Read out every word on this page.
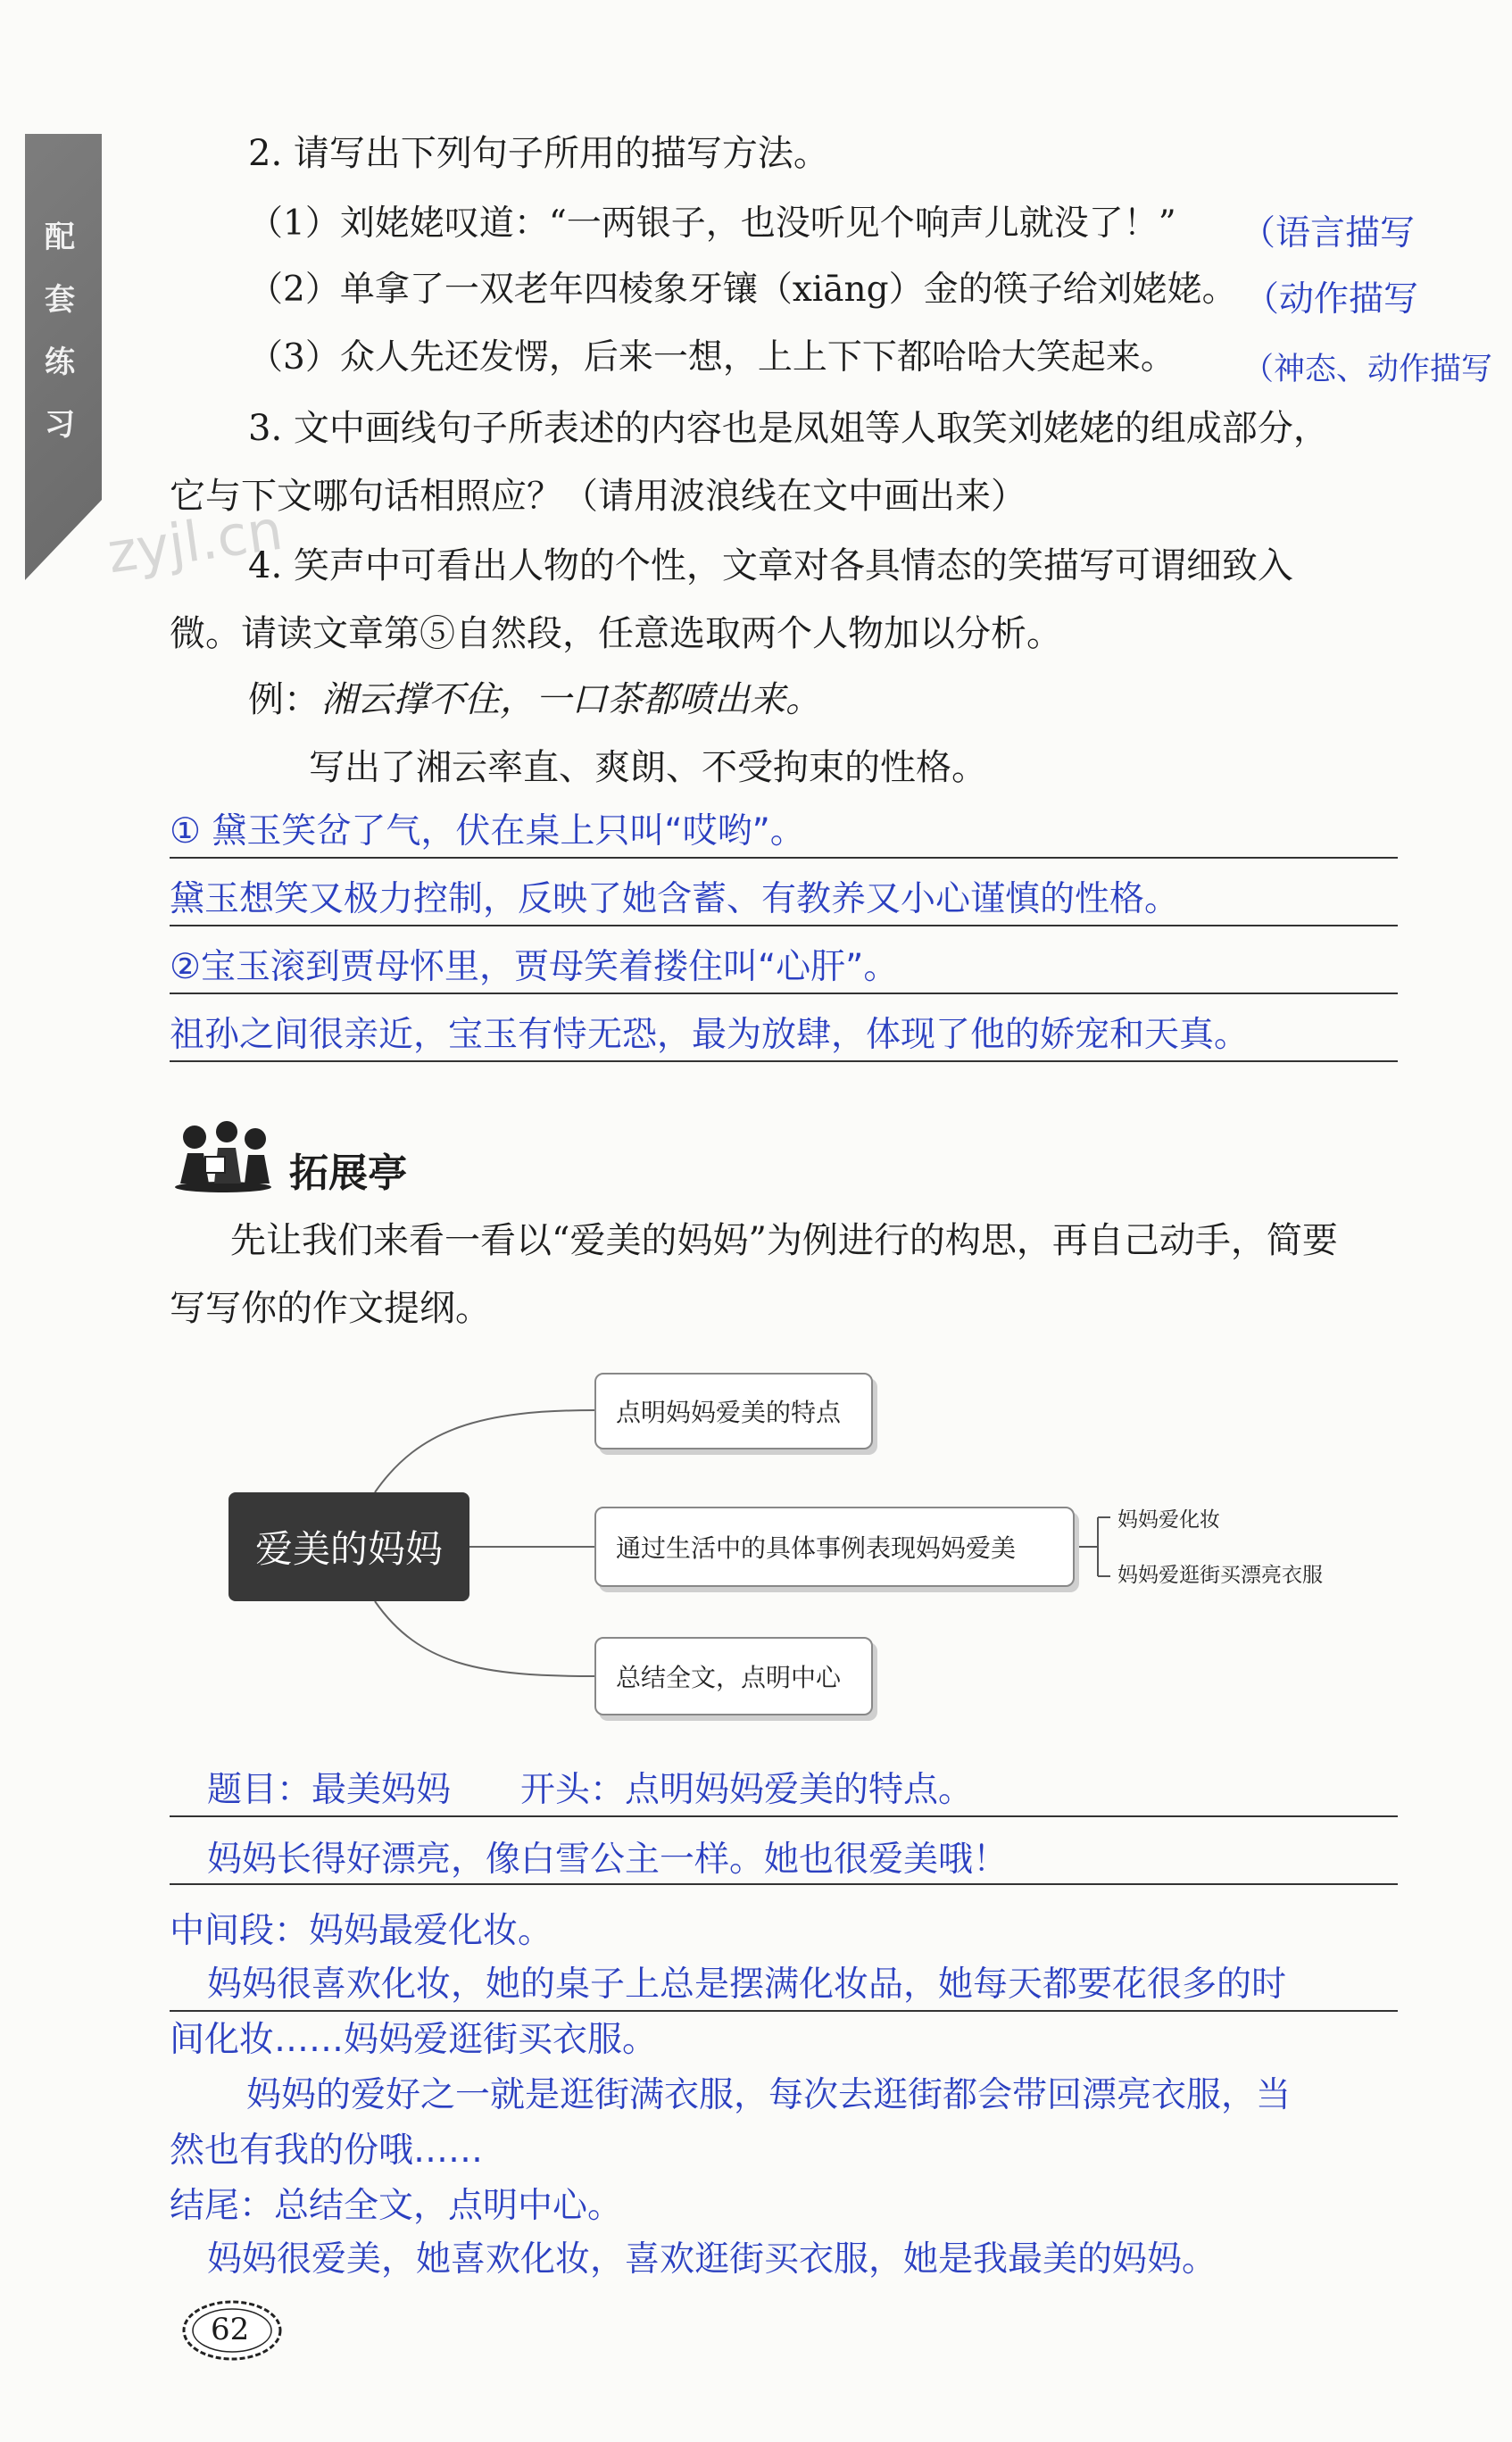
配
套
练
习
zyjl.cn
2. 请写出下列句子所用的描写方法。
（1）刘姥姥叹道：“一两银子，也没听见个响声儿就没了！” （语言描写
（2）单拿了一双老年四棱象牙镶（xiāng）金的筷子给刘姥姥。 （动作描写
（3）众人先还发愣，后来一想，上上下下都哈哈大笑起来。 （神态、动作描写
3. 文中画线句子所表述的内容也是凤姐等人取笑刘姥姥的组成部分，
它与下文哪句话相照应？（请用波浪线在文中画出来）
4. 笑声中可看出人物的个性，文章对各具情态的笑描写可谓细致入
微。请读文章第⑤自然段，任意选取两个人物加以分析。
例： 湘云撑不住，一口茶都喷出来。
写出了湘云率直、爽朗、不受拘束的性格。
① 黛玉笑岔了气，伏在桌上只叫“哎哟”。
黛玉想笑又极力控制，反映了她含蓄、有教养又小心谨慎的性格。
②宝玉滚到贾母怀里，贾母笑着搂住叫“心肝”。
祖孙之间很亲近，宝玉有恃无恐，最为放肆，体现了他的娇宠和天真。
拓展亭
先让我们来看一看以“爱美的妈妈”为例进行的构思，再自己动手，简要
写写你的作文提纲。
爱美的妈妈
点明妈妈爱美的特点
通过生活中的具体事例表现妈妈爱美
总结全文，点明中心
妈妈爱化妆
妈妈爱逛街买漂亮衣服
题目：最美妈妈　　开头：点明妈妈爱美的特点。
妈妈长得好漂亮，像白雪公主一样。她也很爱美哦！
中间段：妈妈最爱化妆。
妈妈很喜欢化妆，她的桌子上总是摆满化妆品，她每天都要花很多的时
间化妆……妈妈爱逛街买衣服。
妈妈的爱好之一就是逛街满衣服，每次去逛街都会带回漂亮衣服，当
然也有我的份哦……
结尾：总结全文，点明中心。
妈妈很爱美，她喜欢化妆，喜欢逛街买衣服，她是我最美的妈妈。
62
